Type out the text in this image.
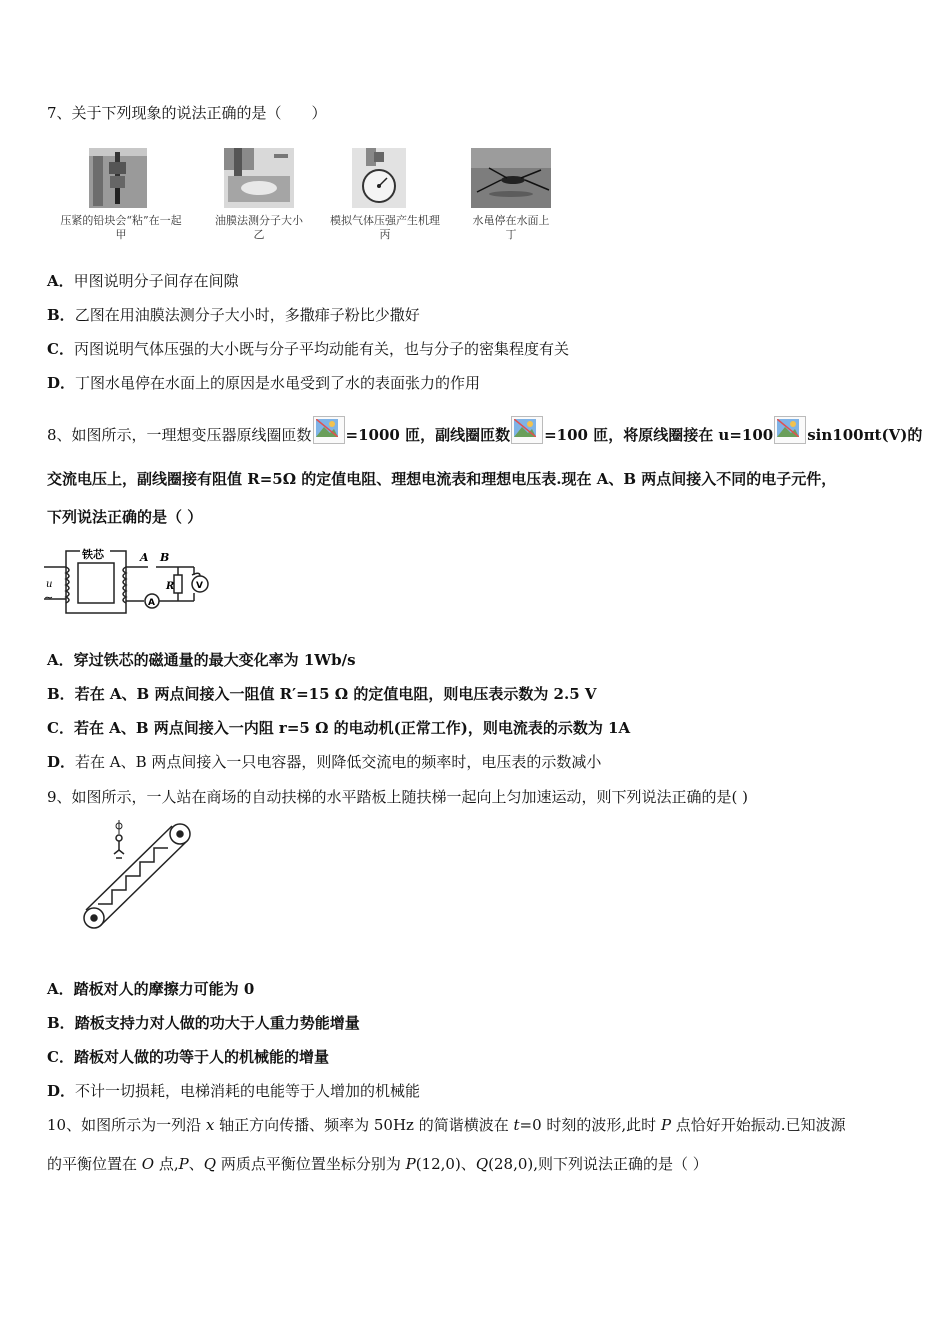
7、关于下列现象的说法正确的是（　　）
压紧的铅块会“粘”在一起
甲
油膜法测分子大小
乙
模拟气体压强产生机理
丙
水黾停在水面上
丁
A．甲图说明分子间存在间隙
B．乙图在用油膜法测分子大小时，多撒痱子粉比少撒好
C．丙图说明气体压强的大小既与分子平均动能有关，也与分子的密集程度有关
D．丁图水黾停在水面上的原因是水黾受到了水的表面张力的作用
8、如图所示，一理想变压器原线圈匝数 =1000 匝，副线圈匝数 =100 匝，将原线圈接在 u=100 sin100πt(V)的
交流电压上，副线圈接有阻值 R=5Ω 的定值电阻、理想电流表和理想电压表.现在 A、B 两点间接入不同的电子元件，
下列说法正确的是（ ）
铁芯	A B
u
∼
R V
A
A．穿过铁芯的磁通量的最大变化率为 1Wb/s
B．若在 A、B 两点间接入一阻值 R′=15 Ω 的定值电阻，则电压表示数为 2.5 V
C．若在 A、B 两点间接入一内阻 r=5 Ω 的电动机(正常工作)，则电流表的示数为 1A
D．若在 A、B 两点间接入一只电容器，则降低交流电的频率时，电压表的示数减小
9、如图所示，一人站在商场的自动扶梯的水平踏板上随扶梯一起向上匀加速运动，则下列说法正确的是( )
A．踏板对人的摩擦力可能为 0
B．踏板支持力对人做的功大于人重力势能增量
C．踏板对人做的功等于人的机械能的增量
D．不计一切损耗，电梯消耗的电能等于人增加的机械能
10、如图所示为一列沿 x 轴正方向传播、频率为 50Hz 的简谐横波在 t=0 时刻的波形,此时 P 点恰好开始振动.已知波源
的平衡位置在 O 点,P、Q 两质点平衡位置坐标分别为 P(12,0)、Q(28,0),则下列说法正确的是（ ）
